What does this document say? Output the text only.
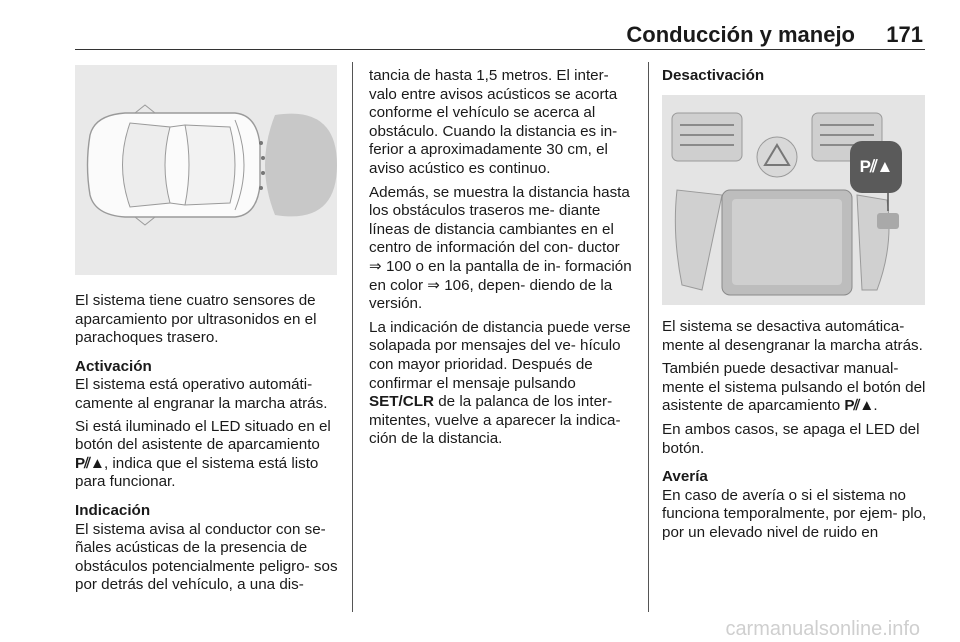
Conducción y manejo 171

El sistema tiene cuatro sensores de aparcamiento por ultrasonidos en el parachoques trasero.

Activación

El sistema está operativo automáti- camente al engranar la marcha atrás.

Si está iluminado el LED situado en el botón del asistente de aparcamiento P⫽▲, indica que el sistema está listo para funcionar.

Indicación

El sistema avisa al conductor con se- ñales acústicas de la presencia de obstáculos potencialmente peligro- sos por detrás del vehículo, a una dis-

tancia de hasta 1,5 metros. El inter- valo entre avisos acústicos se acorta conforme el vehículo se acerca al obstáculo. Cuando la distancia es in- ferior a aproximadamente 30 cm, el aviso acústico es continuo.

Además, se muestra la distancia hasta los obstáculos traseros me- diante líneas de distancia cambiantes en el centro de información del con- ductor ⇒ 100 o en la pantalla de in- formación en color ⇒ 106, depen- diendo de la versión.

La indicación de distancia puede verse solapada por mensajes del ve- hículo con mayor prioridad. Después de confirmar el mensaje pulsando SET/CLR de la palanca de los inter- mitentes, vuelve a aparecer la indica- ción de la distancia.

Desactivación
P⫽▲

El sistema se desactiva automática- mente al desengranar la marcha atrás.

También puede desactivar manual- mente el sistema pulsando el botón del asistente de aparcamiento P⫽▲.

En ambos casos, se apaga el LED del botón.

Avería

En caso de avería o si el sistema no funciona temporalmente, por ejem- plo, por un elevado nivel de ruido en

carmanualsonline.info
